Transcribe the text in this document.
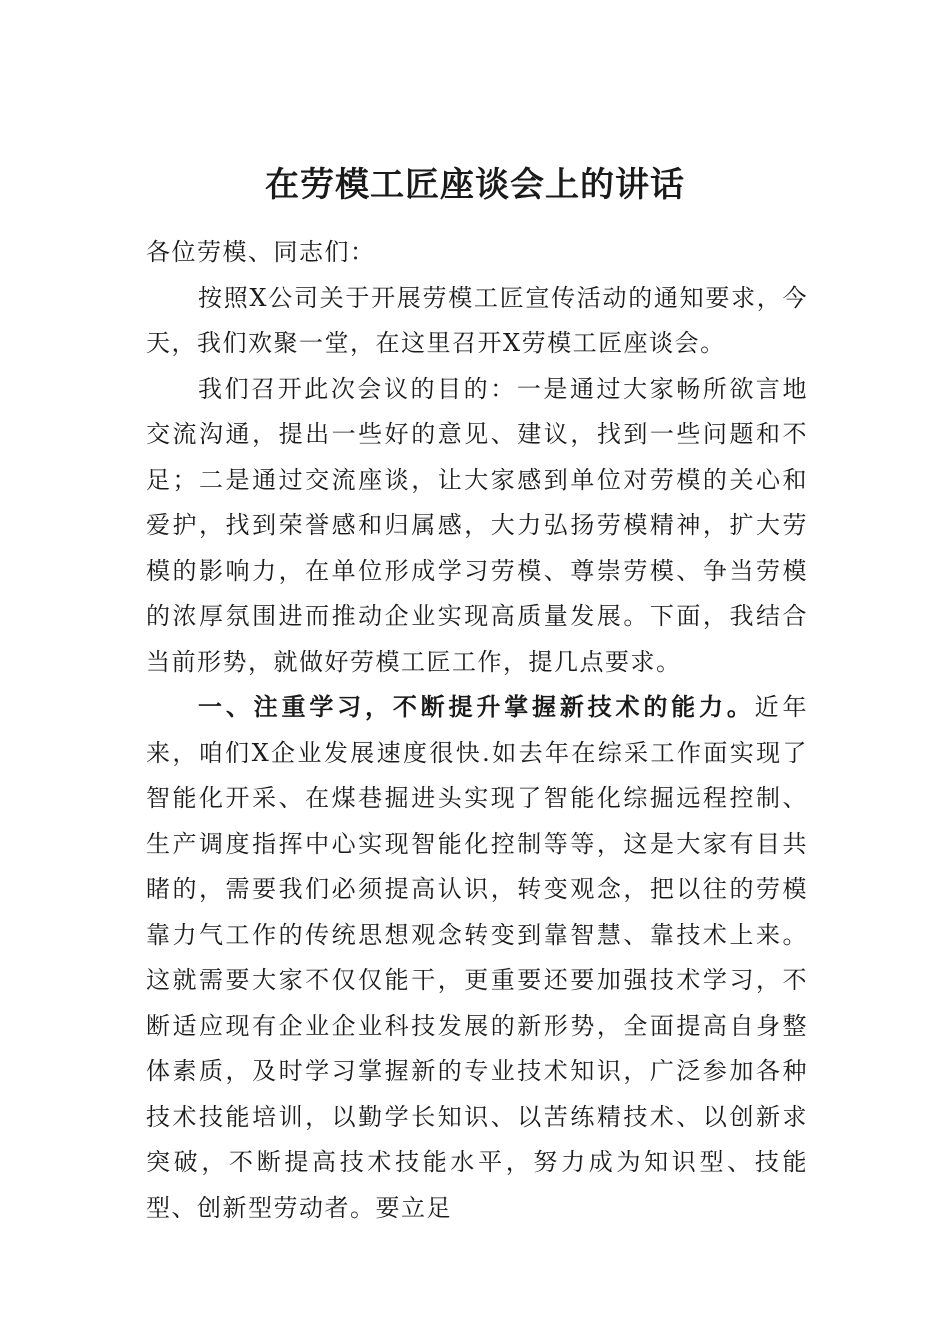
在劳模工匠座谈会上的讲话

各位劳模、同志们：

按照X公司关于开展劳模工匠宣传活动的通知要求，今天，我们欢聚一堂，在这里召开X劳模工匠座谈会。

我们召开此次会议的目的：一是通过大家畅所欲言地交流沟通，提出一些好的意见、建议，找到一些问题和不足；二是通过交流座谈，让大家感到单位对劳模的关心和爱护，找到荣誉感和归属感，大力弘扬劳模精神，扩大劳模的影响力，在单位形成学习劳模、尊崇劳模、争当劳模的浓厚氛围进而推动企业实现高质量发展。下面，我结合当前形势，就做好劳模工匠工作，提几点要求。

一、注重学习，不断提升掌握新技术的能力。近年来，咱们X企业发展速度很快.如去年在综采工作面实现了智能化开采、在煤巷掘进头实现了智能化综掘远程控制、生产调度指挥中心实现智能化控制等等，这是大家有目共睹的，需要我们必须提高认识，转变观念，把以往的劳模靠力气工作的传统思想观念转变到靠智慧、靠技术上来。这就需要大家不仅仅能干，更重要还要加强技术学习，不断适应现有企业企业科技发展的新形势，全面提高自身整体素质，及时学习掌握新的专业技术知识，广泛参加各种技术技能培训，以勤学长知识、以苦练精技术、以创新求突破，不断提高技术技能水平，努力成为知识型、技能型、创新型劳动者。要立足
